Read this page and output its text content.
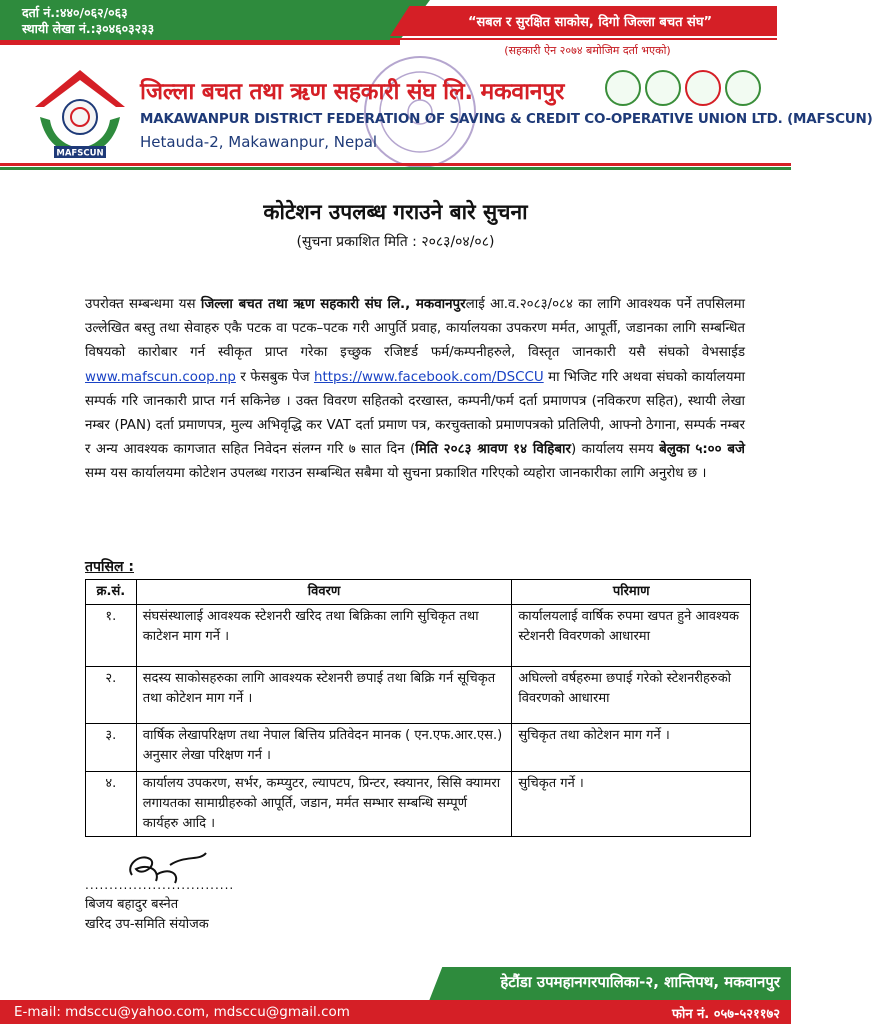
दर्ता नं.:४४०/०६२/०६३
स्थायी लेखा नं.:३०४६०३२३३	“सबल र सुरक्षित साकोस, दिगो जिल्ला बचत संघ”
(सहकारी ऐन २०७४ बमोजिम दर्ता भएको)
MAFSCUN
जिल्ला बचत तथा ऋण सहकारी संघ लि. मकवानपुर
MAKAWANPUR DISTRICT FEDERATION OF SAVING & CREDIT CO-OPERATIVE UNION LTD. (MAFSCUN)
Hetauda-2, Makawanpur, Nepal
कोटेशन उपलब्ध गराउने बारे सुचना
(सुचना प्रकाशित मिति : २०८३/०४/०८)
उपरोक्त सम्बन्धमा यस जिल्ला बचत तथा ऋण सहकारी संघ लि., मकवानपुरलाई आ.व.२०८३/०८४ का लागि आवश्यक पर्ने तपसिलमा उल्लेखित बस्तु तथा सेवाहरु एकै पटक वा पटक–पटक गरी आपुर्ति प्रवाह, कार्यालयका उपकरण मर्मत, आपूर्ती, जडानका लागि सम्बन्धित विषयको कारोबार गर्न स्वीकृत प्राप्त गरेका इच्छुक रजिष्टर्ड फर्म/कम्पनीहरुले, विस्तृत जानकारी यसै संघको वेभसाईड www.mafscun.coop.np र फेसबुक पेज https://www.facebook.com/DSCCU मा भिजिट गरि अथवा संघको कार्यालयमा सम्पर्क गरि जानकारी प्राप्त गर्न सकिनेछ । उक्त विवरण सहितको दरखास्त, कम्पनी/फर्म दर्ता प्रमाणपत्र (नविकरण सहित), स्थायी लेखा नम्बर (PAN) दर्ता प्रमाणपत्र, मुल्य अभिवृद्धि कर VAT दर्ता प्रमाण पत्र, करचुक्ताको प्रमाणपत्रको प्रतिलिपी, आफ्नो ठेगाना, सम्पर्क नम्बर र अन्य आवश्यक कागजात सहित निवेदन संलग्न गरि ७ सात दिन (मिति २०८३ श्रावण १४ विहिबार) कार्यालय समय बेलुका ५:०० बजे सम्म यस कार्यालयमा कोटेशन उपलब्ध गराउन सम्बन्धित सबैमा यो सुचना प्रकाशित गरिएको व्यहोरा जानकारीका लागि अनुरोध छ ।
तपसिल :
क्र.सं.	विवरण	परिमाण
१.	संघसंस्थालाई आवश्यक स्टेशनरी खरिद तथा बिक्रिका लागि सुचिकृत तथा काटेशन माग गर्ने ।	कार्यालयलाई वार्षिक रुपमा खपत हुने आवश्यक स्टेशनरी विवरणको आधारमा
२.	सदस्य साकोसहरुका लागि आवश्यक स्टेशनरी छपाई तथा बिक्रि गर्न सूचिकृत तथा कोटेशन माग गर्ने ।	अघिल्लो वर्षहरुमा छपाई गरेको स्टेशनरीहरुको विवरणको आधारमा
३.	वार्षिक लेखापरिक्षण तथा नेपाल बित्तिय प्रतिवेदन मानक ( एन.एफ.आर.एस.) अनुसार लेखा परिक्षण गर्न ।	सुचिकृत तथा कोटेशन माग गर्ने ।
४.	कार्यालय उपकरण, सर्भर, कम्प्युटर, ल्यापटप, प्रिन्टर, स्क्यानर, सिसि क्यामरा लगायतका सामाग्रीहरुको आपूर्ति, जडान, मर्मत सम्भार सम्बन्धि सम्पूर्ण कार्यहरु आदि ।	सुचिकृत गर्ने ।
...............................
बिजय बहादुर बस्नेत
खरिद उप-समिति संयोजक
हेटौंडा उपमहानगरपालिका-२, शान्तिपथ, मकवानपुर
E-mail: mdsccu@yahoo.com, mdsccu@gmail.com	फोन नं. ०५७-५२११७२
